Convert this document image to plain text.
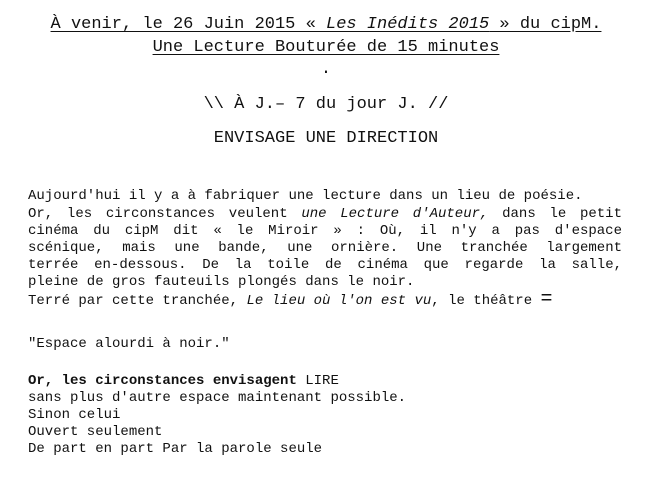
À venir, le 26 Juin 2015 « Les Inédits 2015 » du cipM.
Une Lecture Bouturée de 15 minutes
.
\\ À J.– 7 du jour J. //
ENVISAGE UNE DIRECTION
Aujourd'hui il y a à fabriquer une lecture dans un lieu de poésie.
Or, les circonstances veulent une Lecture d'Auteur, dans le petit
cinéma du cipM dit « le Miroir » : Où, il n'y a pas d'espace
scénique, mais une bande, une ornière. Une tranchée largement
terrée en-dessous. De la toile de cinéma que regarde la salle,
pleine de gros fauteuils plongés dans le noir.
Terré par cette tranchée, Le lieu où l'on est vu, le théâtre =
"Espace alourdi à noir."
Or, les circonstances envisagent LIRE
sans plus d'autre espace maintenant possible.
Sinon celui
Ouvert seulement
De part en part Par la parole seule
